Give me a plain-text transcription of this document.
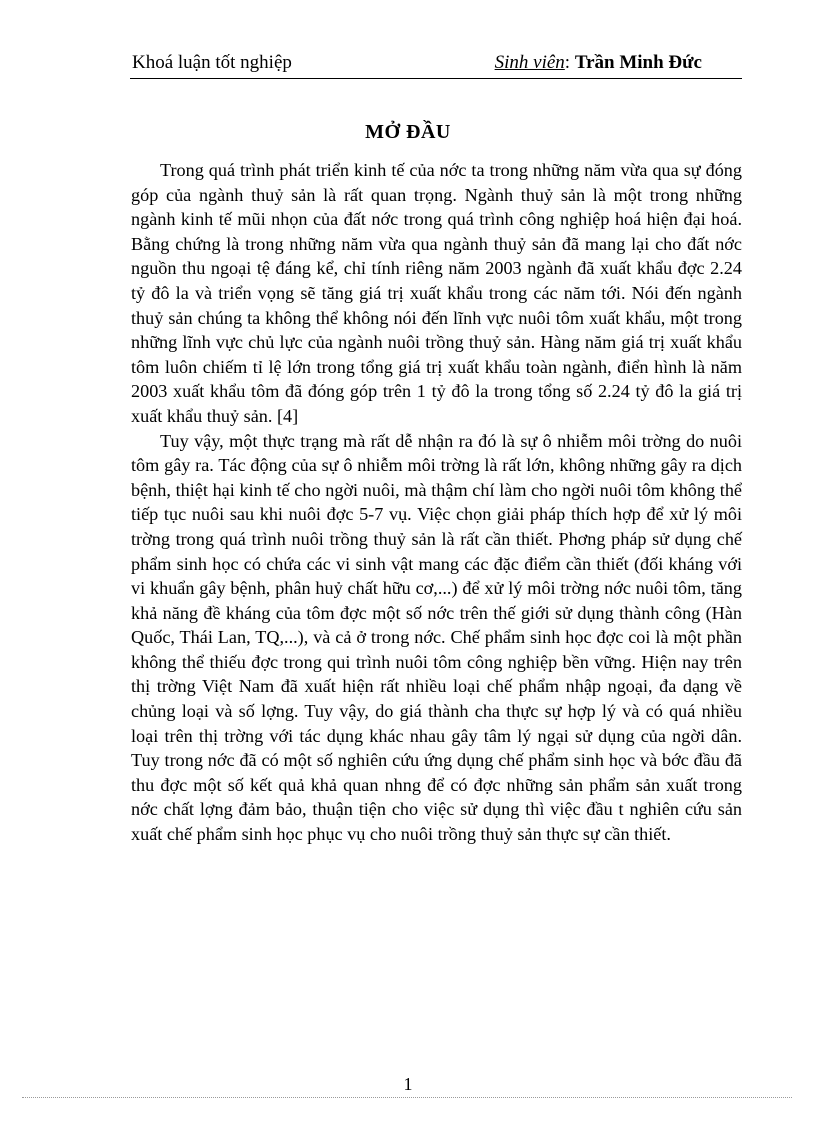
Khoá luận tốt nghiệp	Sinh viên: Trần Minh Đức
MỞ ĐẦU

Trong quá trình phát triển kinh tế của nớc ta trong những năm vừa qua sự đóng góp của ngành thuỷ sản là rất quan trọng. Ngành thuỷ sản là một trong những ngành kinh tế mũi nhọn của đất nớc trong quá trình công nghiệp hoá hiện đại hoá. Bằng chứng là trong những năm vừa qua ngành thuỷ sản đã mang lại cho đất nớc nguồn thu ngoại tệ đáng kể, chỉ tính riêng năm 2003 ngành đã xuất khẩu đợc 2.24 tỷ đô la và triển vọng sẽ tăng giá trị xuất khẩu trong các năm tới. Nói đến ngành thuỷ sản chúng ta không thể không nói đến lĩnh vực nuôi tôm xuất khẩu, một trong những lĩnh vực chủ lực của ngành nuôi trồng thuỷ sản. Hàng năm giá trị xuất khẩu tôm luôn chiếm tỉ lệ lớn trong tổng giá trị xuất khẩu toàn ngành, điển hình là năm 2003 xuất khẩu tôm đã đóng góp trên 1 tỷ đô la trong tổng số 2.24 tỷ đô la giá trị xuất khẩu thuỷ sản. [4]

Tuy vậy, một thực trạng mà rất dễ nhận ra đó là sự ô nhiễm môi trờng do nuôi tôm gây ra. Tác động của sự ô nhiễm môi trờng là rất lớn, không những gây ra dịch bệnh, thiệt hại kinh tế cho ngời nuôi, mà thậm chí làm cho ngời nuôi tôm không thể tiếp tục nuôi sau khi nuôi đợc 5-7 vụ. Việc chọn giải pháp thích hợp để xử lý môi trờng trong quá trình nuôi trồng thuỷ sản là rất cần thiết. Phơng pháp sử dụng chế phẩm sinh học có chứa các vi sinh vật mang các đặc điểm cần thiết (đối kháng với vi khuẩn gây bệnh, phân huỷ chất hữu cơ,...) để xử lý môi trờng nớc nuôi tôm, tăng khả năng đề kháng của tôm đợc một số nớc trên thế giới sử dụng thành công (Hàn Quốc, Thái Lan, TQ,...), và cả ở trong nớc. Chế phẩm sinh học đợc coi là một phần không thể thiếu đợc trong qui trình nuôi tôm công nghiệp bền vững. Hiện nay trên thị trờng Việt Nam đã xuất hiện rất nhiều loại chế phẩm nhập ngoại, đa dạng về chủng loại và số lợng. Tuy vậy, do giá thành cha thực sự hợp lý và có quá nhiều loại trên thị trờng với tác dụng khác nhau gây tâm lý ngại sử dụng của ngời dân. Tuy trong nớc đã có một số nghiên cứu ứng dụng chế phẩm sinh học và bớc đầu đã thu đợc một số kết quả khả quan nhng để có đợc những sản phẩm sản xuất trong nớc chất lợng đảm bảo, thuận tiện cho việc sử dụng thì việc đầu t nghiên cứu sản xuất chế phẩm sinh học phục vụ cho nuôi trồng thuỷ sản thực sự cần thiết.

1
